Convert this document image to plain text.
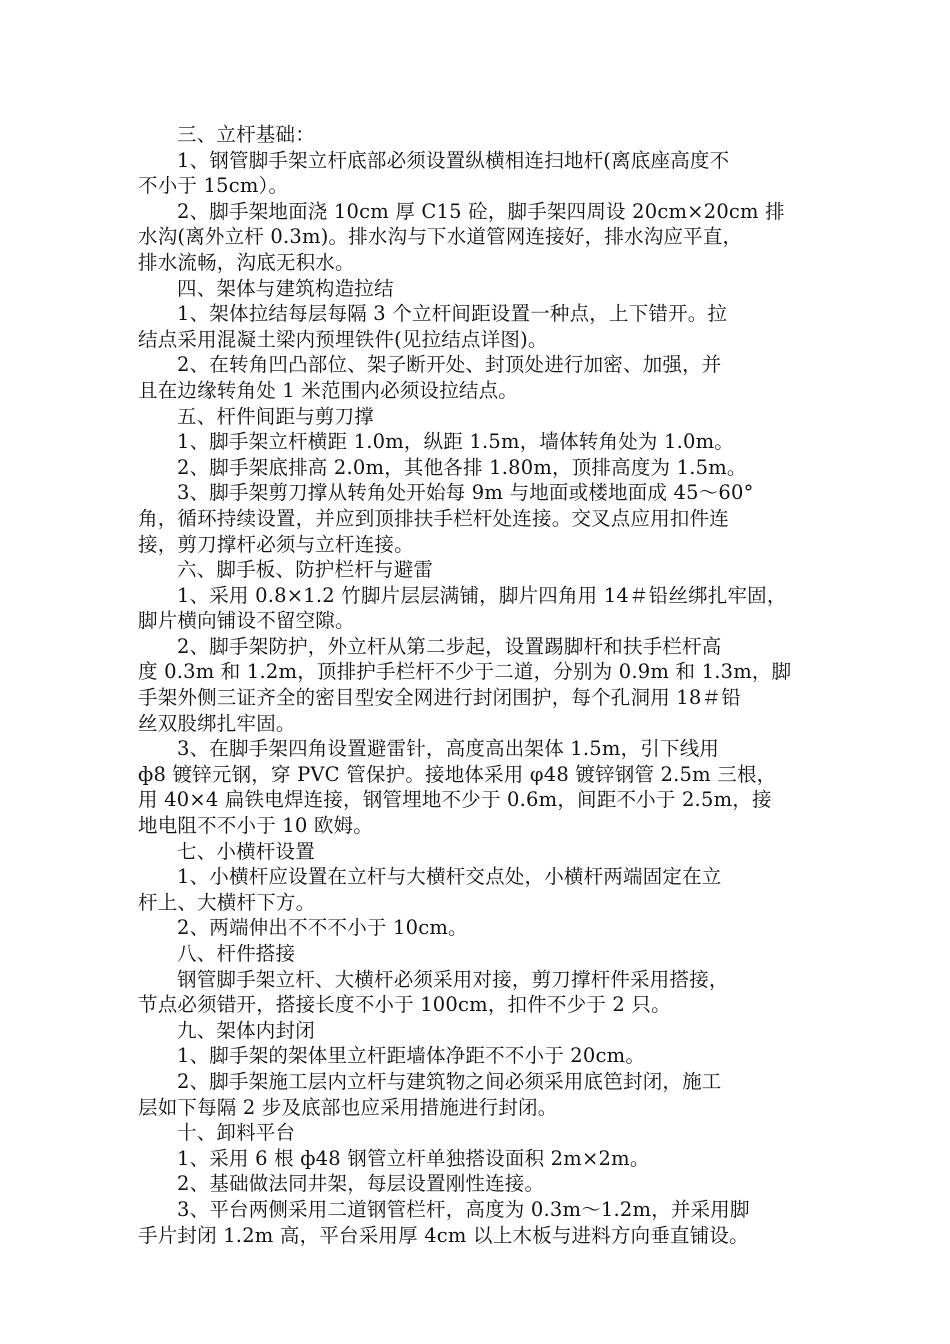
三、立杆基础：

1、钢管脚手架立杆底部必须设置纵横相连扫地杆(离底座高度不
不小于 15cm）。

2、脚手架地面浇 10cm 厚 C15 砼，脚手架四周设 20cm×20cm 排
水沟(离外立杆 0.3m)。排水沟与下水道管网连接好，排水沟应平直，
排水流畅，沟底无积水。

四、架体与建筑构造拉结

1、架体拉结每层每隔 3 个立杆间距设置一种点，上下错开。拉
结点采用混凝土梁内预埋铁件(见拉结点详图)。

2、在转角凹凸部位、架子断开处、封顶处进行加密、加强，并
且在边缘转角处 1 米范围内必须设拉结点。

五、杆件间距与剪刀撑

1、脚手架立杆横距 1.0m，纵距 1.5m，墙体转角处为 1.0m。

2、脚手架底排高 2.0m，其他各排 1.80m，顶排高度为 1.5m。

3、脚手架剪刀撑从转角处开始每 9m 与地面或楼地面成 45～60°
角，循环持续设置，并应到顶排扶手栏杆处连接。交叉点应用扣件连
接，剪刀撑杆必须与立杆连接。

六、脚手板、防护栏杆与避雷

1、采用 0.8×1.2 竹脚片层层满铺，脚片四角用 14＃铅丝绑扎牢固，
脚片横向铺设不留空隙。

2、脚手架防护，外立杆从第二步起，设置踢脚杆和扶手栏杆高
度 0.3m 和 1.2m，顶排护手栏杆不少于二道，分别为 0.9m 和 1.3m，脚
手架外侧三证齐全的密目型安全网进行封闭围护，每个孔洞用 18＃铅
丝双股绑扎牢固。

3、在脚手架四角设置避雷针，高度高出架体 1.5m，引下线用
ф8 镀锌元钢，穿 PVC 管保护。接地体采用 φ48 镀锌钢管 2.5m 三根，
用 40×4 扁铁电焊连接，钢管埋地不少于 0.6m，间距不小于 2.5m，接
地电阻不不小于 10 欧姆。

七、小横杆设置

1、小横杆应设置在立杆与大横杆交点处，小横杆两端固定在立
杆上、大横杆下方。

2、两端伸出不不不小于 10cm。

八、杆件搭接

钢管脚手架立杆、大横杆必须采用对接，剪刀撑杆件采用搭接，
节点必须错开，搭接长度不小于 100cm，扣件不少于 2 只。

九、架体内封闭

1、脚手架的架体里立杆距墙体净距不不小于 20cm。

2、脚手架施工层内立杆与建筑物之间必须采用底笆封闭，施工
层如下每隔 2 步及底部也应采用措施进行封闭。

十、卸料平台

1、采用 6 根 ф48 钢管立杆单独搭设面积 2m×2m。

2、基础做法同井架，每层设置刚性连接。

3、平台两侧采用二道钢管栏杆，高度为 0.3m～1.2m，并采用脚
手片封闭 1.2m 高，平台采用厚 4cm 以上木板与进料方向垂直铺设。
